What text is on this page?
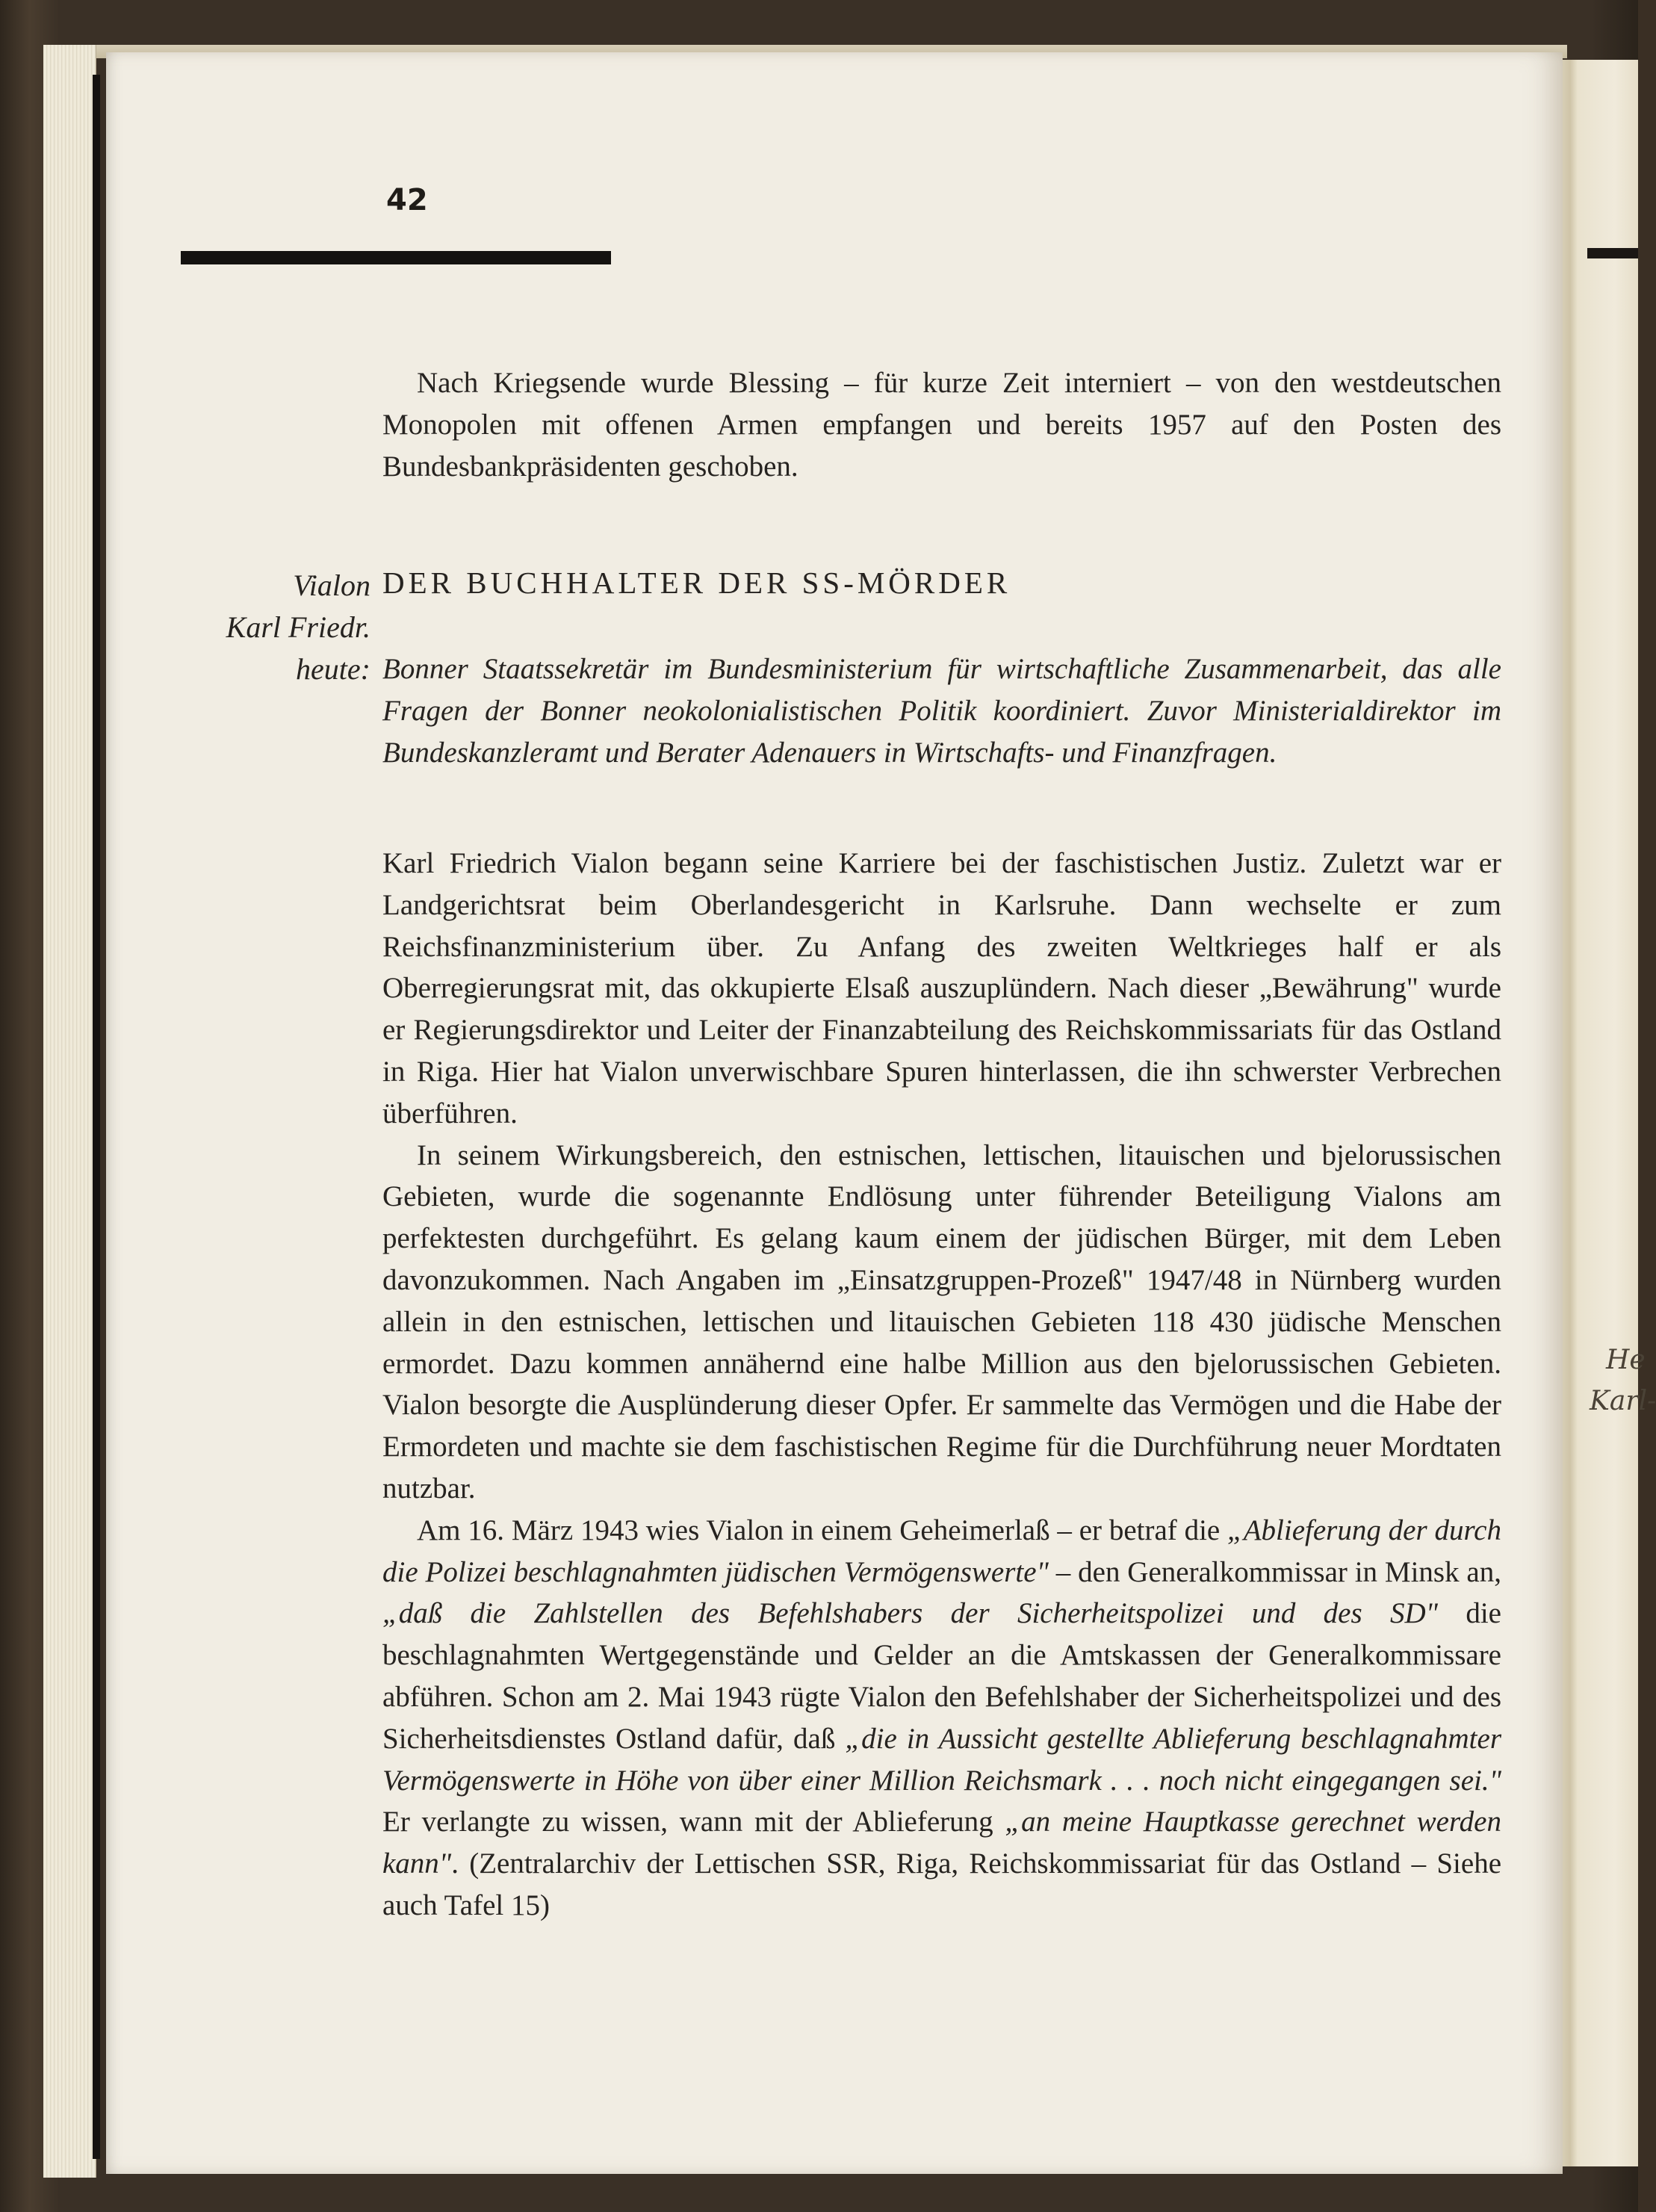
He
Karl-
42

Nach Kriegsende wurde Blessing – für kurze Zeit interniert – von den westdeutschen Monopolen mit offenen Armen empfangen und bereits 1957 auf den Posten des Bundesbankpräsidenten geschoben.

Vialon
Karl Friedr.
heute:
DER BUCHHALTER DER SS-MÖRDER

Bonner Staatssekretär im Bundesministerium für wirtschaftliche Zusammenarbeit, das alle Fragen der Bonner neokolonialistischen Politik koordiniert. Zuvor Ministerialdirektor im Bundeskanzleramt und Berater Adenauers in Wirtschafts- und Finanzfragen.

Karl Friedrich Vialon begann seine Karriere bei der faschistischen Justiz. Zuletzt war er Landgerichtsrat beim Oberlandesgericht in Karlsruhe. Dann wechselte er zum Reichsfinanzministerium über. Zu Anfang des zweiten Weltkrieges half er als Oberregierungsrat mit, das okkupierte Elsaß auszuplündern. Nach dieser „Bewährung" wurde er Regierungsdirektor und Leiter der Finanzabteilung des Reichskommissariats für das Ostland in Riga. Hier hat Vialon unverwischbare Spuren hinterlassen, die ihn schwerster Verbrechen überführen.

In seinem Wirkungsbereich, den estnischen, lettischen, litauischen und bjelorussischen Gebieten, wurde die sogenannte Endlösung unter führender Beteiligung Vialons am perfektesten durchgeführt. Es gelang kaum einem der jüdischen Bürger, mit dem Leben davonzukommen. Nach Angaben im „Einsatzgruppen-Prozeß" 1947/48 in Nürnberg wurden allein in den estnischen, lettischen und litauischen Gebieten 118 430 jüdische Menschen ermordet. Dazu kommen annähernd eine halbe Million aus den bjelorussischen Gebieten. Vialon besorgte die Ausplünderung dieser Opfer. Er sammelte das Vermögen und die Habe der Ermordeten und machte sie dem faschistischen Regime für die Durchführung neuer Mordtaten nutzbar.

Am 16. März 1943 wies Vialon in einem Geheimerlaß – er betraf die „Ablieferung der durch die Polizei beschlagnahmten jüdischen Vermögenswerte" – den Generalkommissar in Minsk an, „daß die Zahlstellen des Befehlshabers der Sicherheitspolizei und des SD" die beschlagnahmten Wertgegenstände und Gelder an die Amtskassen der Generalkommissare abführen. Schon am 2. Mai 1943 rügte Vialon den Befehlshaber der Sicherheitspolizei und des Sicherheitsdienstes Ostland dafür, daß „die in Aussicht gestellte Ablieferung beschlagnahmter Vermögenswerte in Höhe von über einer Million Reichsmark . . . noch nicht eingegangen sei." Er verlangte zu wissen, wann mit der Ablieferung „an meine Hauptkasse gerechnet werden kann". (Zentralarchiv der Lettischen SSR, Riga, Reichskommissariat für das Ostland – Siehe auch Tafel 15)
